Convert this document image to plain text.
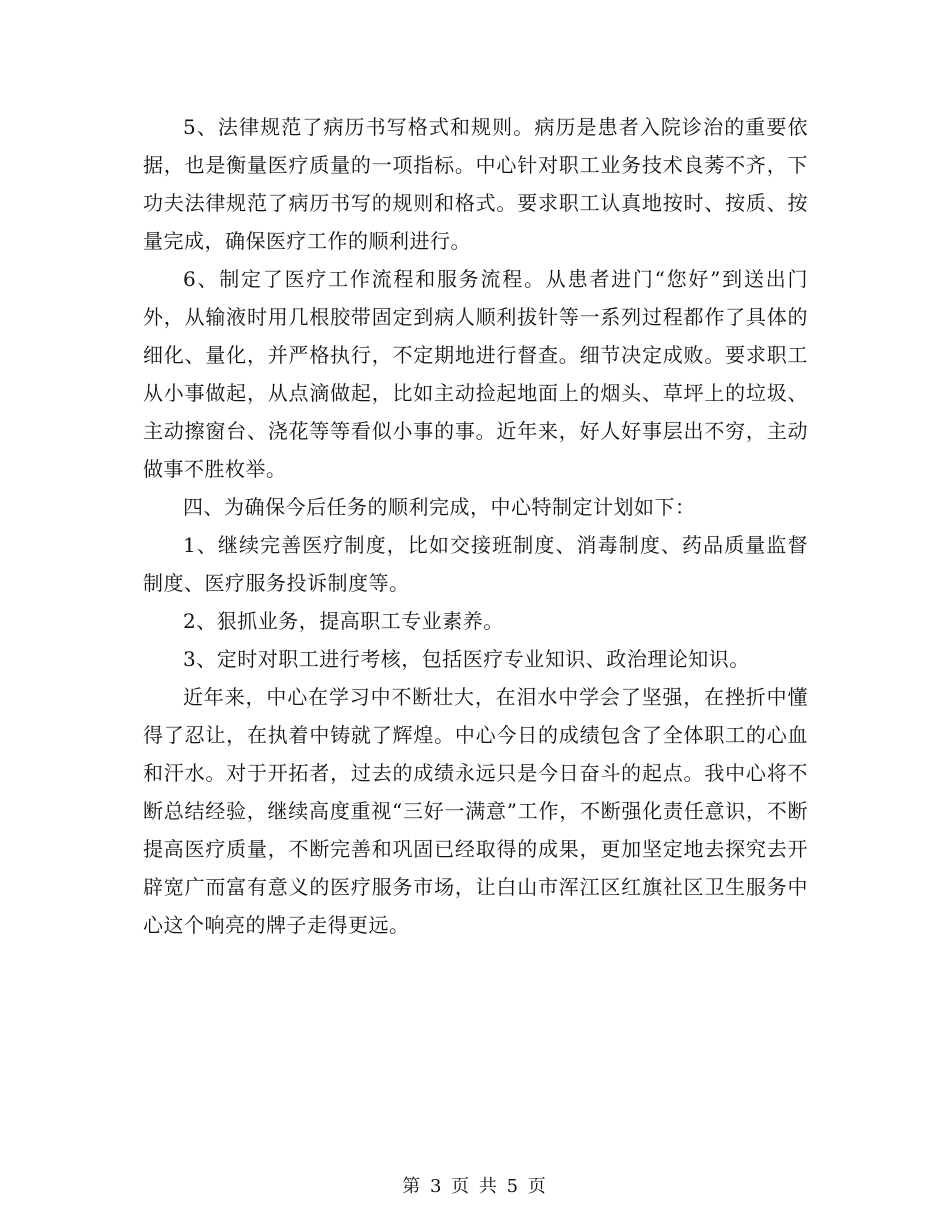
5、法律规范了病历书写格式和规则。病历是患者入院诊治的重要依据，也是衡量医疗质量的一项指标。中心针对职工业务技术良莠不齐，下功夫法律规范了病历书写的规则和格式。要求职工认真地按时、按质、按量完成，确保医疗工作的顺利进行。

6、制定了医疗工作流程和服务流程。从患者进门“您好”到送出门外，从输液时用几根胶带固定到病人顺利拔针等一系列过程都作了具体的细化、量化，并严格执行，不定期地进行督查。细节决定成败。要求职工从小事做起，从点滴做起，比如主动捡起地面上的烟头、草坪上的垃圾、主动擦窗台、浇花等等看似小事的事。近年来，好人好事层出不穷，主动做事不胜枚举。

四、为确保今后任务的顺利完成，中心特制定计划如下：

1、继续完善医疗制度，比如交接班制度、消毒制度、药品质量监督制度、医疗服务投诉制度等。

2、狠抓业务，提高职工专业素养。

3、定时对职工进行考核，包括医疗专业知识、政治理论知识。

近年来，中心在学习中不断壮大，在泪水中学会了坚强，在挫折中懂得了忍让，在执着中铸就了辉煌。中心今日的成绩包含了全体职工的心血和汗水。对于开拓者，过去的成绩永远只是今日奋斗的起点。我中心将不断总结经验，继续高度重视“三好一满意”工作，不断强化责任意识，不断提高医疗质量，不断完善和巩固已经取得的成果，更加坚定地去探究去开辟宽广而富有意义的医疗服务市场，让白山市浑江区红旗社区卫生服务中心这个响亮的牌子走得更远。

第 3 页 共 5 页
